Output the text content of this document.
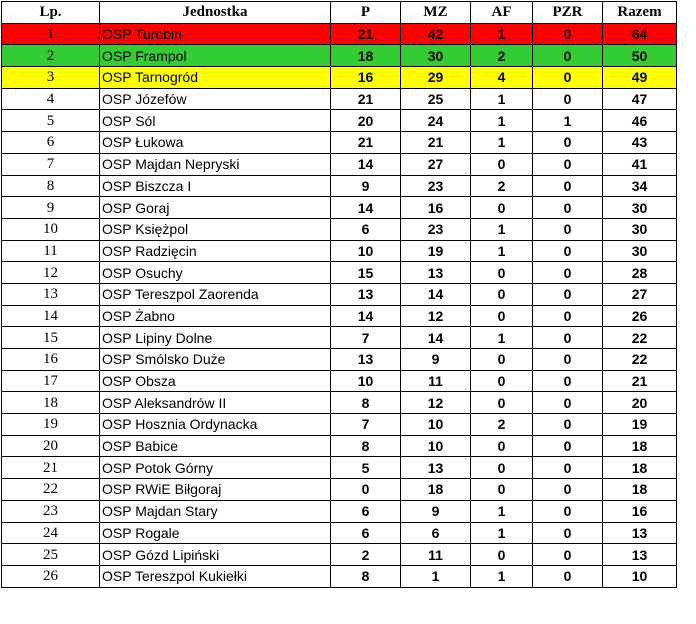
Lp.	Jednostka	P	MZ	AF	PZR	Razem
1	OSP Turobin	21	42	1	0	64
2	OSP Frampol	18	30	2	0	50
3	OSP Tarnogród	16	29	4	0	49
4	OSP Józefów	21	25	1	0	47
5	OSP Sól	20	24	1	1	46
6	OSP Łukowa	21	21	1	0	43
7	OSP Majdan Nepryski	14	27	0	0	41
8	OSP Biszcza I	9	23	2	0	34
9	OSP Goraj	14	16	0	0	30
10	OSP Księżpol	6	23	1	0	30
11	OSP Radzięcin	10	19	1	0	30
12	OSP Osuchy	15	13	0	0	28
13	OSP Tereszpol Zaorenda	13	14	0	0	27
14	OSP Żabno	14	12	0	0	26
15	OSP Lipiny Dolne	7	14	1	0	22
16	OSP Smólsko Duże	13	9	0	0	22
17	OSP Obsza	10	11	0	0	21
18	OSP Aleksandrów II	8	12	0	0	20
19	OSP Hosznia Ordynacka	7	10	2	0	19
20	OSP Babice	8	10	0	0	18
21	OSP Potok Górny	5	13	0	0	18
22	OSP RWiE Biłgoraj	0	18	0	0	18
23	OSP Majdan Stary	6	9	1	0	16
24	OSP Rogale	6	6	1	0	13
25	OSP Gózd Lipiński	2	11	0	0	13
26	OSP Tereszpol Kukiełki	8	1	1	0	10
